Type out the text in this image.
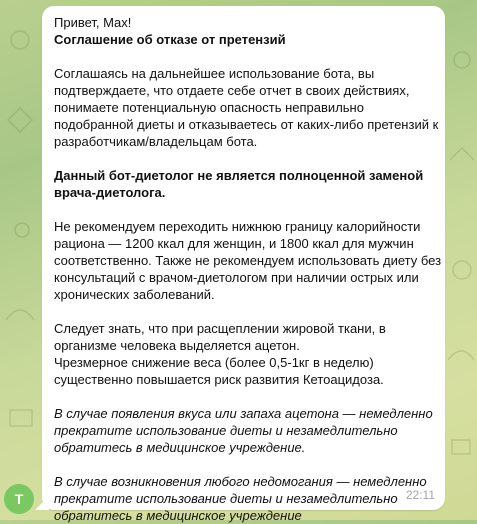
Привет, Max!
Соглашение об отказе от претензий
Соглашаясь на дальнейшее использование бота, вы
подтверждаете, что отдаете себе отчет в своих действиях,
понимаете потенциальную опасность неправильно
подобранной диеты и отказываетесь от каких-либо претензий к
разработчикам/владельцам бота.
Данный бот-диетолог не является полноценной заменой
врача-диетолога.
Не рекомендуем переходить нижнюю границу калорийности
рациона — 1200 ккал для женщин, и 1800 ккал для мужчин
соответственно. Также не рекомендуем использовать диету без
консультаций с врачом-диетологом при наличии острых или
хронических заболеваний.
Следует знать, что при расщеплении жировой ткани, в
организме человека выделяется ацетон.
Чрезмерное снижение веса (более 0,5-1кг в неделю)
существенно повышается риск развития Кетоацидоза.
В случае появления вкуса или запаха ацетона — немедленно
прекратите использование диеты и незамедлительно
обратитесь в медицинское учреждение.
В случае возникновения любого недомогания — немедленно
прекратите использование диеты и незамедлительно
обратитесь в медицинское учреждение
22:11
T
